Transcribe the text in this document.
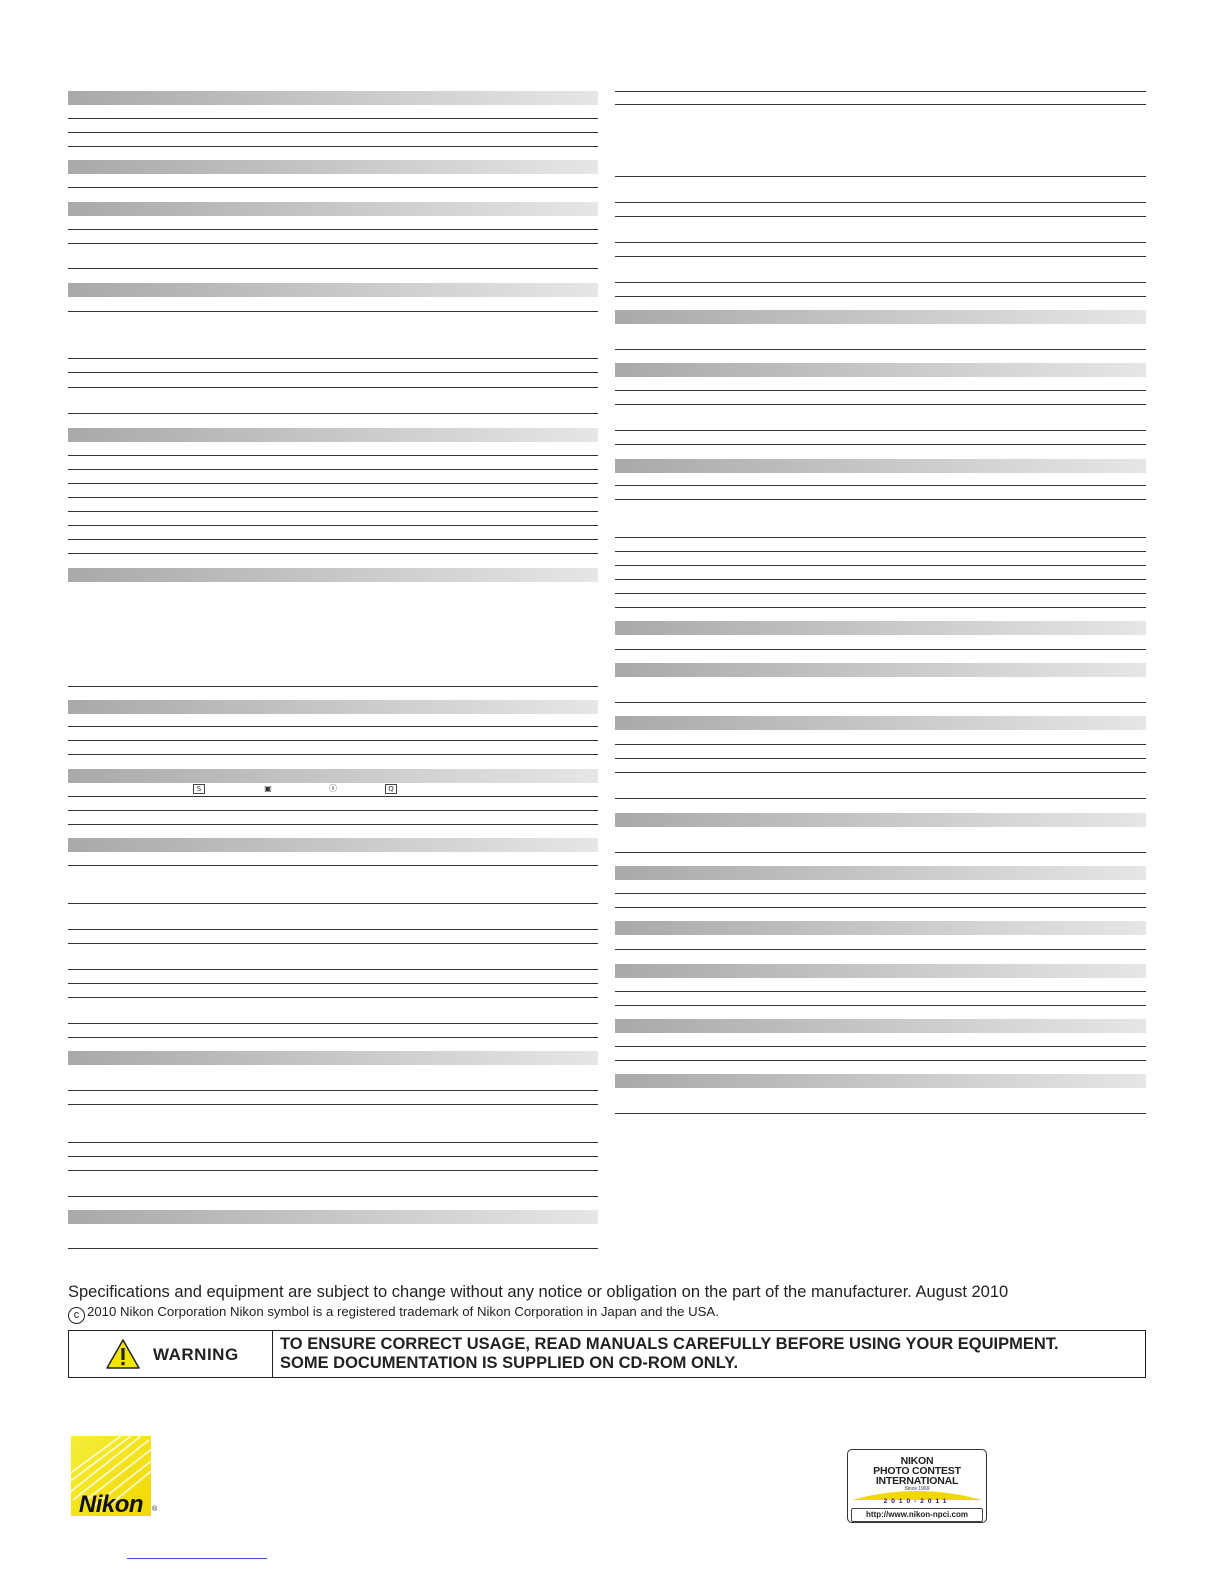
S	▣	ⓢ	Q
Specifications and equipment are subject to change without any notice or obligation on the part of the manufacturer. August 2010
c 2010 Nikon Corporation Nikon symbol is a registered trademark of Nikon Corporation in Japan and the USA.
WARNING
TO ENSURE CORRECT USAGE, READ MANUALS CAREFULLY BEFORE USING YOUR EQUIPMENT.
SOME DOCUMENTATION IS SUPPLIED ON CD-ROM ONLY.
Nikon ®
NIKON
PHOTO CONTEST
INTERNATIONAL
Since 1969
2010-2011
http://www.nikon-npci.com
